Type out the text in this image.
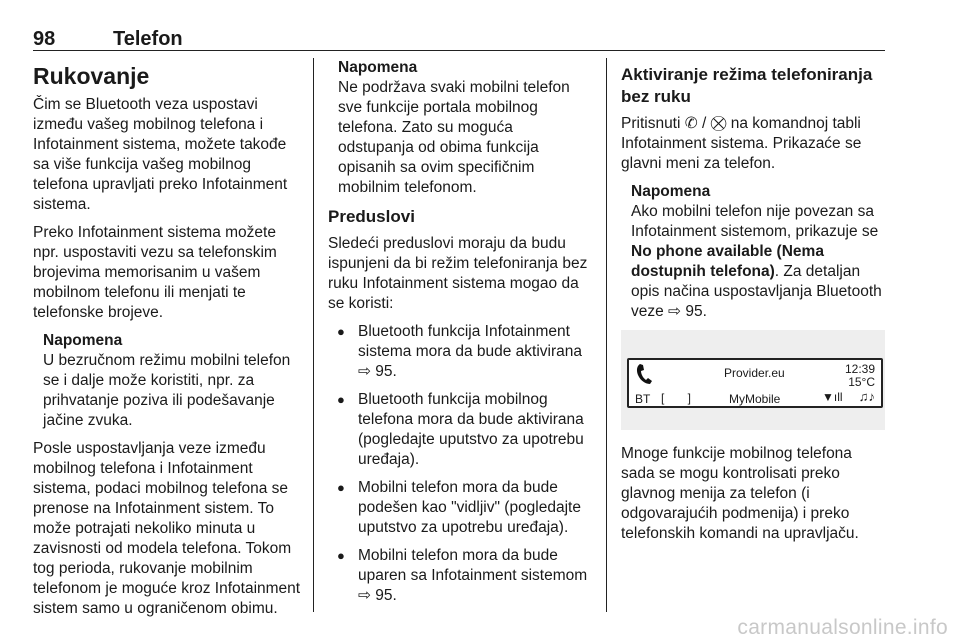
98	Telefon
Rukovanje

Čim se Bluetooth veza uspostavi između vašeg mobilnog telefona i Infotainment sistema, možete takođe sa više funkcija vašeg mobilnog telefona upravljati preko Infotainment sistema.

Preko Infotainment sistema možete npr. uspostaviti vezu sa telefonskim brojevima memorisanim u vašem mobilnom telefonu ili menjati te telefonske brojeve.

Napomena
U bezručnom režimu mobilni telefon se i dalje može koristiti, npr. za prihvatanje poziva ili podešavanje jačine zvuka.

Posle uspostavljanja veze između mobilnog telefona i Infotainment sistema, podaci mobilnog telefona se prenose na Infotainment sistem. To može potrajati nekoliko minuta u zavisnosti od modela telefona. Tokom tog perioda, rukovanje mobilnim telefonom je moguće kroz Infotainment sistem samo u ograničenom obimu.

Napomena
Ne podržava svaki mobilni telefon sve funkcije portala mobilnog telefona. Zato su moguća odstupanja od obima funkcija opisanih sa ovim specifičnim mobilnim telefonom.
Preduslovi

Sledeći preduslovi moraju da budu ispunjeni da bi režim telefoniranja bez ruku Infotainment sistema mogao da se koristi:

● Bluetooth funkcija Infotainment sistema mora da bude aktivirana ⇨ 95.
● Bluetooth funkcija mobilnog telefona mora da bude aktivirana (pogledajte uputstvo za upotrebu uređaja).
● Mobilni telefon mora da bude podešen kao "vidljiv" (pogledajte uputstvo za upotrebu uređaja).
● Mobilni telefon mora da bude uparen sa Infotainment sistemom ⇨ 95.
Aktiviranje režima telefoniranja bez ruku

Pritisnuti ✆ / ⛒ na komandnoj tabli Infotainment sistema. Prikazaće se glavni meni za telefon.

Napomena
Ako mobilni telefon nije povezan sa Infotainment sistemom, prikazuje se No phone available (Nema dostupnih telefona). Za detaljan opis načina uspostavljanja Bluetooth veze ⇨ 95.
Provider.eu	12:39
15°C
BT [ ] MyMobile	▼ıll ♫♪

Mnoge funkcije mobilnog telefona sada se mogu kontrolisati preko glavnog menija za telefon (i odgovarajućih podmenija) i preko telefonskih komandi na upravljaču.

carmanualsonline.info
